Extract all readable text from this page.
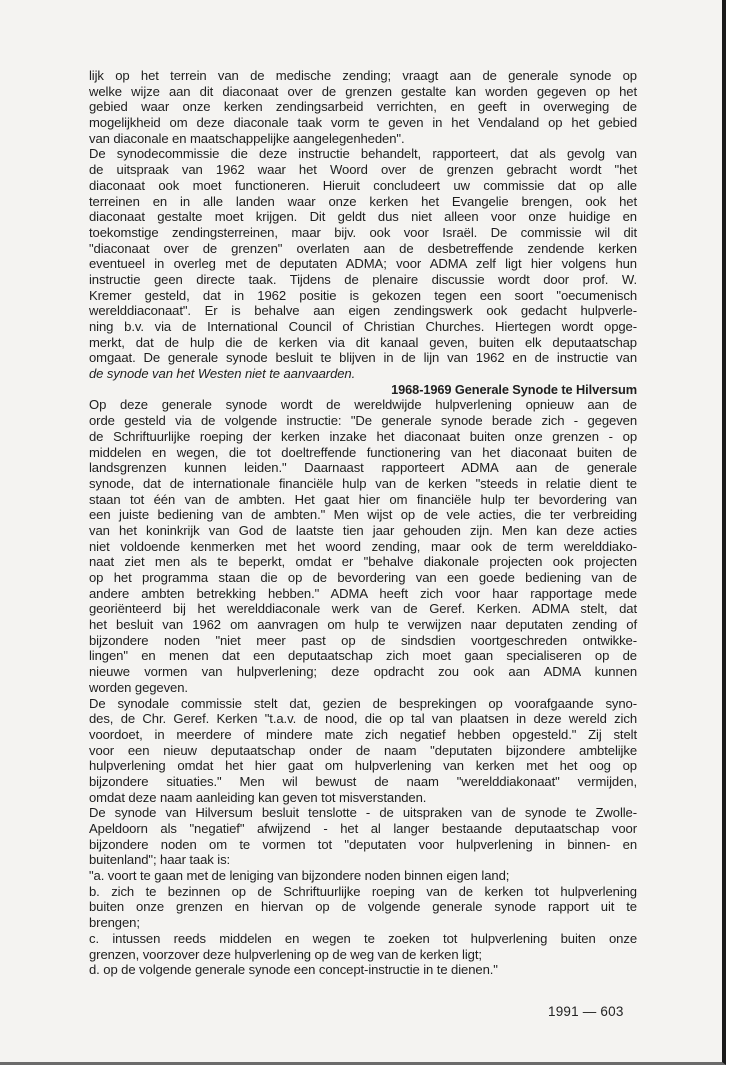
lijk op het terrein van de medische zending; vraagt aan de generale synode op
welke wijze aan dit diaconaat over de grenzen gestalte kan worden gegeven op het
gebied waar onze kerken zendingsarbeid verrichten, en geeft in overweging de
mogelijkheid om deze diaconale taak vorm te geven in het Vendaland op het gebied
van diaconale en maatschappelijke aangelegenheden".
De synodecommissie die deze instructie behandelt, rapporteert, dat als gevolg van
de uitspraak van 1962 waar het Woord over de grenzen gebracht wordt "het
diaconaat ook moet functioneren. Hieruit concludeert uw commissie dat op alle
terreinen en in alle landen waar onze kerken het Evangelie brengen, ook het
diaconaat gestalte moet krijgen. Dit geldt dus niet alleen voor onze huidige en
toekomstige zendingsterreinen, maar bijv. ook voor Israël. De commissie wil dit
"diaconaat over de grenzen" overlaten aan de desbetreffende zendende kerken
eventueel in overleg met de deputaten ADMA; voor ADMA zelf ligt hier volgens hun
instructie geen directe taak. Tijdens de plenaire discussie wordt door prof. W.
Kremer gesteld, dat in 1962 positie is gekozen tegen een soort "oecumenisch
werelddiaconaat". Er is behalve aan eigen zendingswerk ook gedacht hulpverle-
ning b.v. via de International Council of Christian Churches. Hiertegen wordt opge-
merkt, dat de hulp die de kerken via dit kanaal geven, buiten elk deputaatschap
omgaat. De generale synode besluit te blijven in de lijn van 1962 en de instructie van
de synode van het Westen niet te aanvaarden.
1968-1969 Generale Synode te Hilversum
Op deze generale synode wordt de wereldwijde hulpverlening opnieuw aan de
orde gesteld via de volgende instructie: "De generale synode berade zich - gegeven
de Schriftuurlijke roeping der kerken inzake het diaconaat buiten onze grenzen - op
middelen en wegen, die tot doeltreffende functionering van het diaconaat buiten de
landsgrenzen kunnen leiden." Daarnaast rapporteert ADMA aan de generale
synode, dat de internationale financiële hulp van de kerken "steeds in relatie dient te
staan tot één van de ambten. Het gaat hier om financiële hulp ter bevordering van
een juiste bediening van de ambten." Men wijst op de vele acties, die ter verbreiding
van het koninkrijk van God de laatste tien jaar gehouden zijn. Men kan deze acties
niet voldoende kenmerken met het woord zending, maar ook de term werelddiako-
naat ziet men als te beperkt, omdat er "behalve diakonale projecten ook projecten
op het programma staan die op de bevordering van een goede bediening van de
andere ambten betrekking hebben." ADMA heeft zich voor haar rapportage mede
georiënteerd bij het werelddiaconale werk van de Geref. Kerken. ADMA stelt, dat
het besluit van 1962 om aanvragen om hulp te verwijzen naar deputaten zending of
bijzondere noden "niet meer past op de sindsdien voortgeschreden ontwikke-
lingen" en menen dat een deputaatschap zich moet gaan specialiseren op de
nieuwe vormen van hulpverlening; deze opdracht zou ook aan ADMA kunnen
worden gegeven.
De synodale commissie stelt dat, gezien de besprekingen op voorafgaande syno-
des, de Chr. Geref. Kerken "t.a.v. de nood, die op tal van plaatsen in deze wereld zich
voordoet, in meerdere of mindere mate zich negatief hebben opgesteld." Zij stelt
voor een nieuw deputaatschap onder de naam "deputaten bijzondere ambtelijke
hulpverlening omdat het hier gaat om hulpverlening van kerken met het oog op
bijzondere situaties." Men wil bewust de naam "werelddiakonaat" vermijden,
omdat deze naam aanleiding kan geven tot misverstanden.
De synode van Hilversum besluit tenslotte - de uitspraken van de synode te Zwolle-
Apeldoorn als "negatief" afwijzend - het al langer bestaande deputaatschap voor
bijzondere noden om te vormen tot "deputaten voor hulpverlening in binnen- en
buitenland"; haar taak is:
"a. voort te gaan met de leniging van bijzondere noden binnen eigen land;
b. zich te bezinnen op de Schriftuurlijke roeping van de kerken tot hulpverlening
buiten onze grenzen en hiervan op de volgende generale synode rapport uit te
brengen;
c. intussen reeds middelen en wegen te zoeken tot hulpverlening buiten onze
grenzen, voorzover deze hulpverlening op de weg van de kerken ligt;
d. op de volgende generale synode een concept-instructie in te dienen."
1991 — 603
